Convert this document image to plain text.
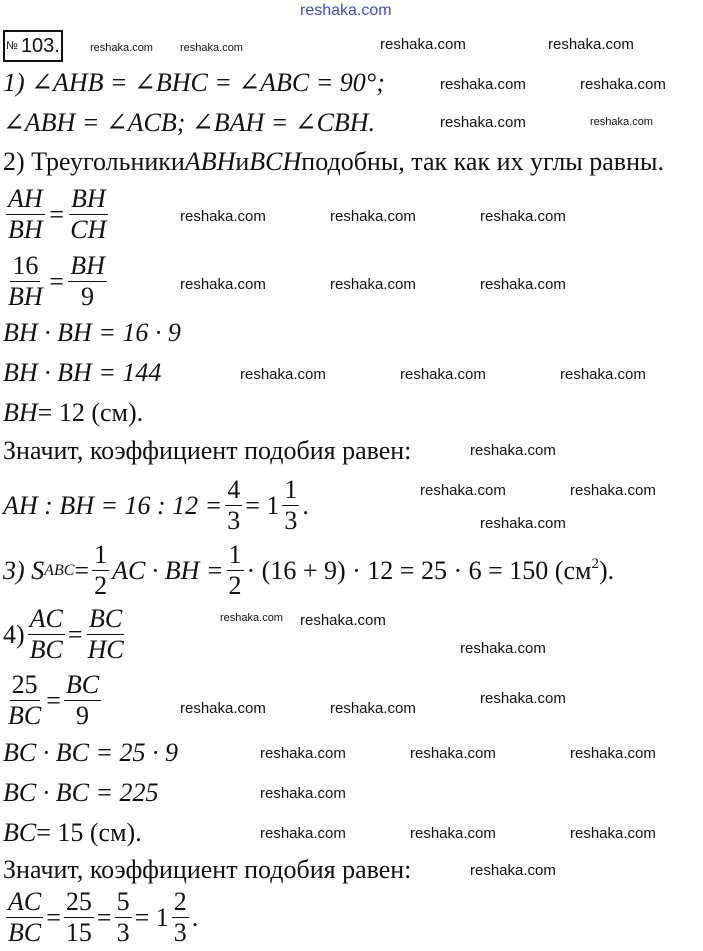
reshaka.com
№ 103.
1) ∠AHB = ∠BHC = ∠ABC = 90°;
∠ABH = ∠ACB; ∠BAH = ∠CBH.
2) Треугольники ABH и BCH подобны, так как их углы равны.
$\frac{AH}{BH} = \frac{BH}{CH}$
$\frac{16}{BH} = \frac{BH}{9}$
BH · BH = 16 · 9
BH · BH = 144
BH = 12 (см).
Значит, коэффициент подобия равен:
AH : BH = 16 : $12 = \frac{4}{3} = 1 \frac{1}{3}$ .
3) S ABC = $\frac{1}{2}$ AC · BH = $\frac{1}{2} \cdot (16 + 9) \cdot 12 = 25 \cdot 6 = 150$ ($см^2$ ).
$4) \frac{AC}{BC} = \frac{BC}{HC}$
$\frac{25}{BC} = \frac{BC}{9}$
BC · BC = 25 · 9
BC · BC = 225
BC = 15 (см).
Значит, коэффициент подобия равен:
$\frac{AC}{BC} = \frac{25}{15} = \frac{5}{3} = 1 \frac{2}{3}$ .
reshaka.com reshaka.com	reshaka.com	reshaka.com
reshaka.com	reshaka.com
reshaka.com	reshaka.com
reshaka.com	reshaka.com	reshaka.com
reshaka.com	reshaka.com	reshaka.com
reshaka.com	reshaka.com	reshaka.com
reshaka.com
reshaka.com	reshaka.com
reshaka.com
reshaka.com reshaka.com
reshaka.com
reshaka.com
reshaka.com	reshaka.com
reshaka.com
reshaka.com	reshaka.com
reshaka.com
reshaka.com
reshaka.com	reshaka.com
reshaka.com
